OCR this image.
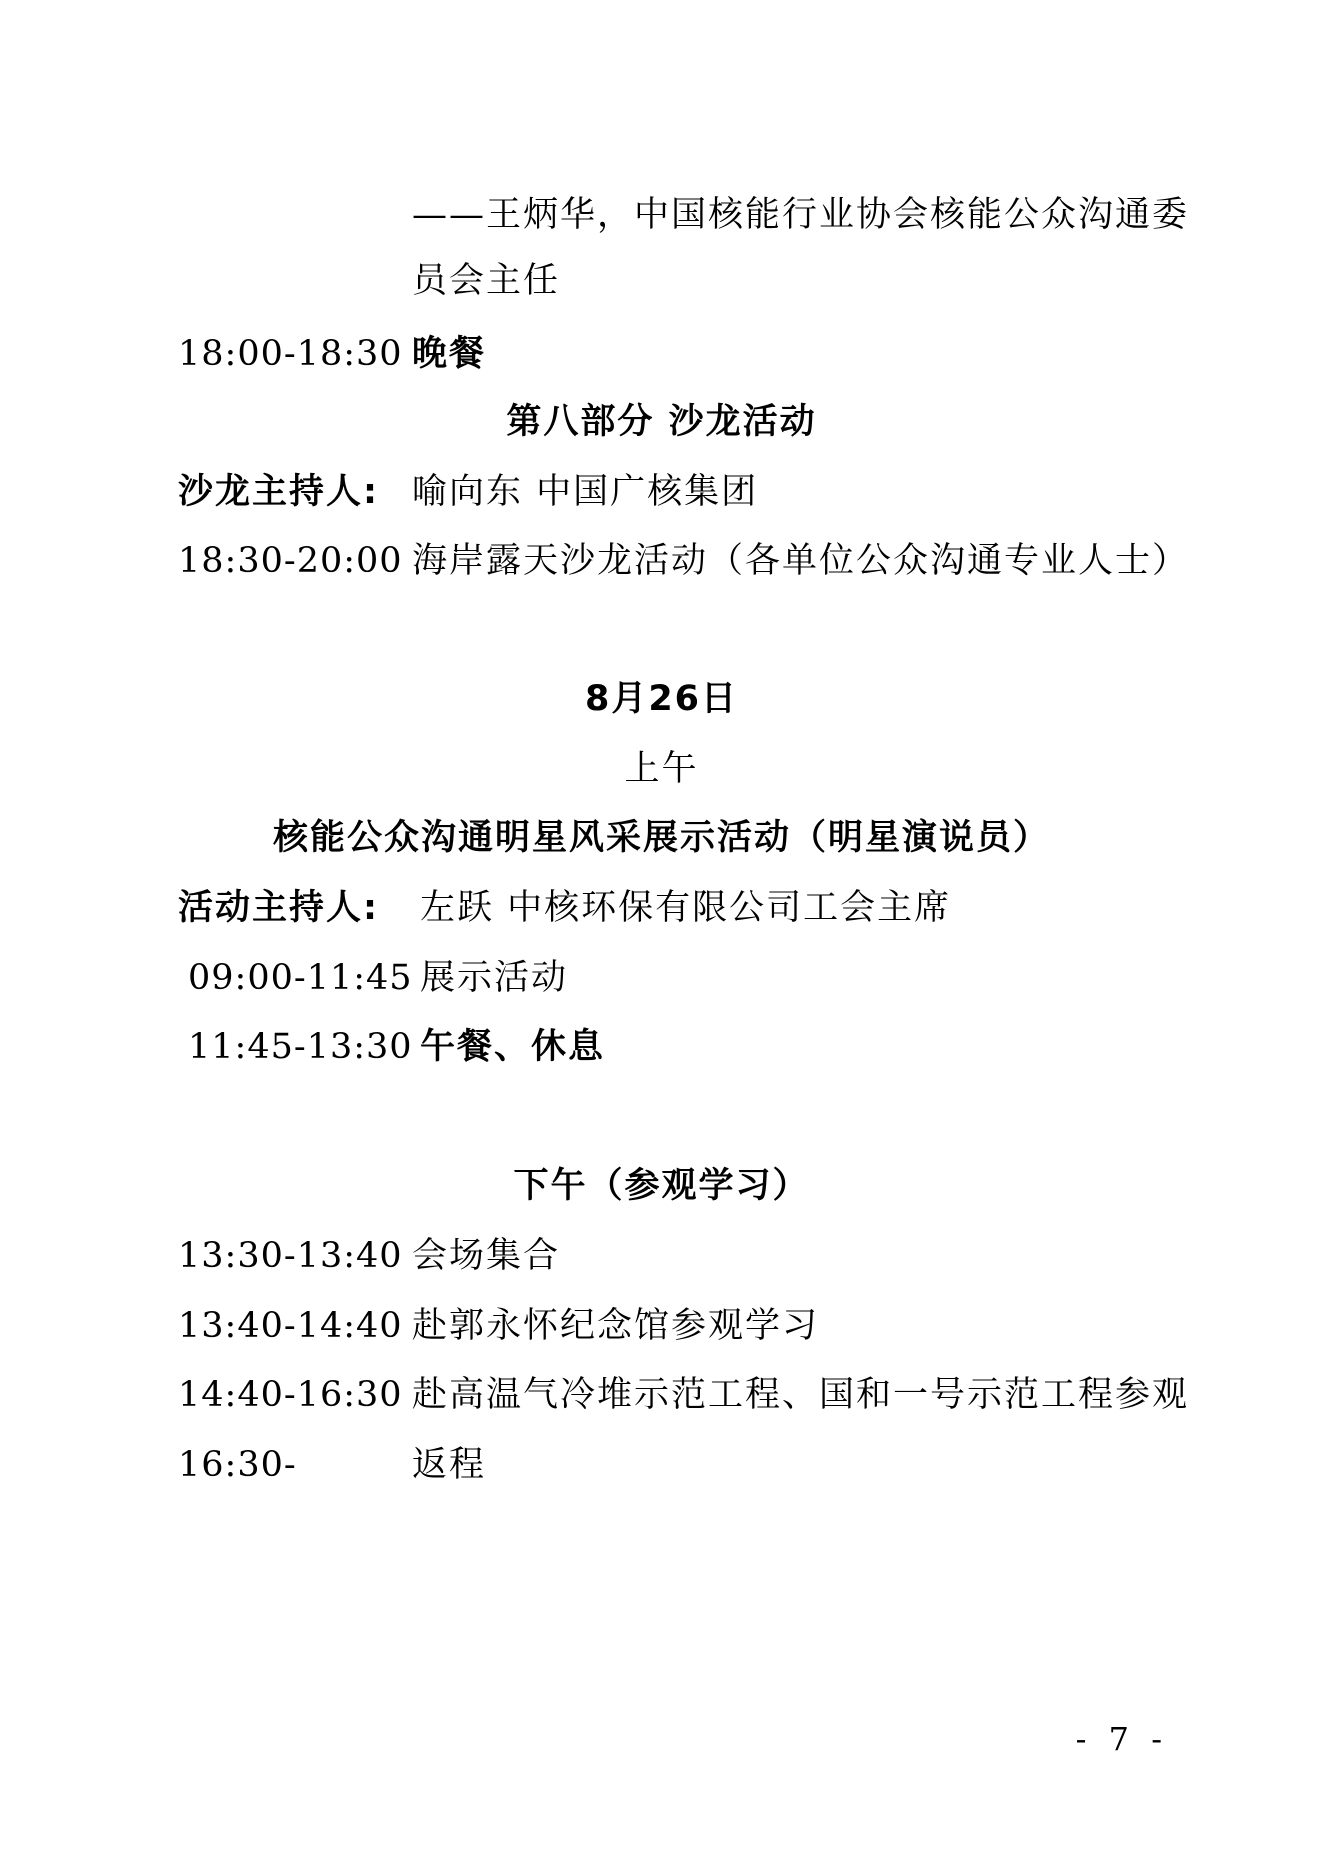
——王炳华，中国核能行业协会核能公众沟通委
员会主任
18:00-18:30 晚餐
第八部分 沙龙活动
沙龙主持人: 喻向东 中国广核集团
18:30-20:00 海岸露天沙龙活动（各单位公众沟通专业人士）
8月26日
上午
核能公众沟通明星风采展示活动（明星演说员）
活动主持人: 左跃 中核环保有限公司工会主席
09:00-11:45 展示活动
11:45-13:30 午餐、休息
下午（参观学习）
13:30-13:40 会场集合
13:40-14:40 赴郭永怀纪念馆参观学习
14:40-16:30 赴高温气冷堆示范工程、国和一号示范工程参观
16:30-	返程
- 7 -
